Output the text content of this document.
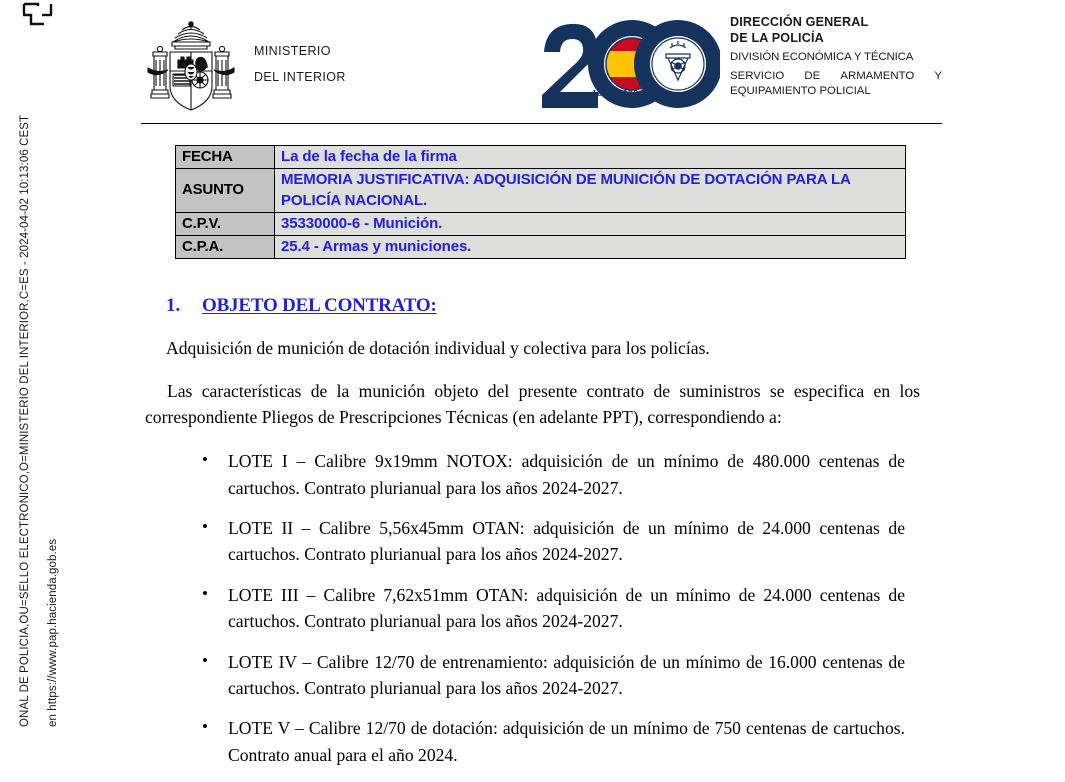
MINISTERIO
DEL INTERIOR
1824 - 2024
DIRECCIÓN GENERAL
DE LA POLICÍA
DIVISIÓN ECONÓMICA Y TÉCNICA
SERVICIO DE ARMAMENTO Y
EQUIPAMIENTO POLICIAL
FECHA	La de la fecha de la firma
ASUNTO	MEMORIA JUSTIFICATIVA: ADQUISICIÓN DE MUNICIÓN DE DOTACIÓN PARA LA POLICÍA NACIONAL.
C.P.V.	35330000-6 - Munición.
C.P.A.	25.4 - Armas y municiones.
1.	OBJETO DEL CONTRATO:

Adquisición de munición de dotación individual y colectiva para los policías.

Las características de la munición objeto del presente contrato de suministros se especifica en los correspondiente Pliegos de Prescripciones Técnicas (en adelante PPT), correspondiendo a:

• LOTE I – Calibre 9x19mm NOTOX: adquisición de un mínimo de 480.000 centenas de cartuchos. Contrato plurianual para los años 2024-2027.
• LOTE II – Calibre 5,56x45mm OTAN: adquisición de un mínimo de 24.000 centenas de cartuchos. Contrato plurianual para los años 2024-2027.
• LOTE III – Calibre 7,62x51mm OTAN: adquisición de un mínimo de 24.000 centenas de cartuchos. Contrato plurianual para los años 2024-2027.
• LOTE IV – Calibre 12/70 de entrenamiento: adquisición de un mínimo de 16.000 centenas de cartuchos. Contrato plurianual para los años 2024-2027.
• LOTE V – Calibre 12/70 de dotación: adquisición de un mínimo de 750 centenas de cartuchos. Contrato anual para el año 2024.
ONAL DE POLICIA,OU=SELLO ELECTRONICO,O=MINISTERIO DEL INTERIOR,C=ES - 2024-04-02 10:13:06 CEST en https://www.pap.hacienda.gob.es
